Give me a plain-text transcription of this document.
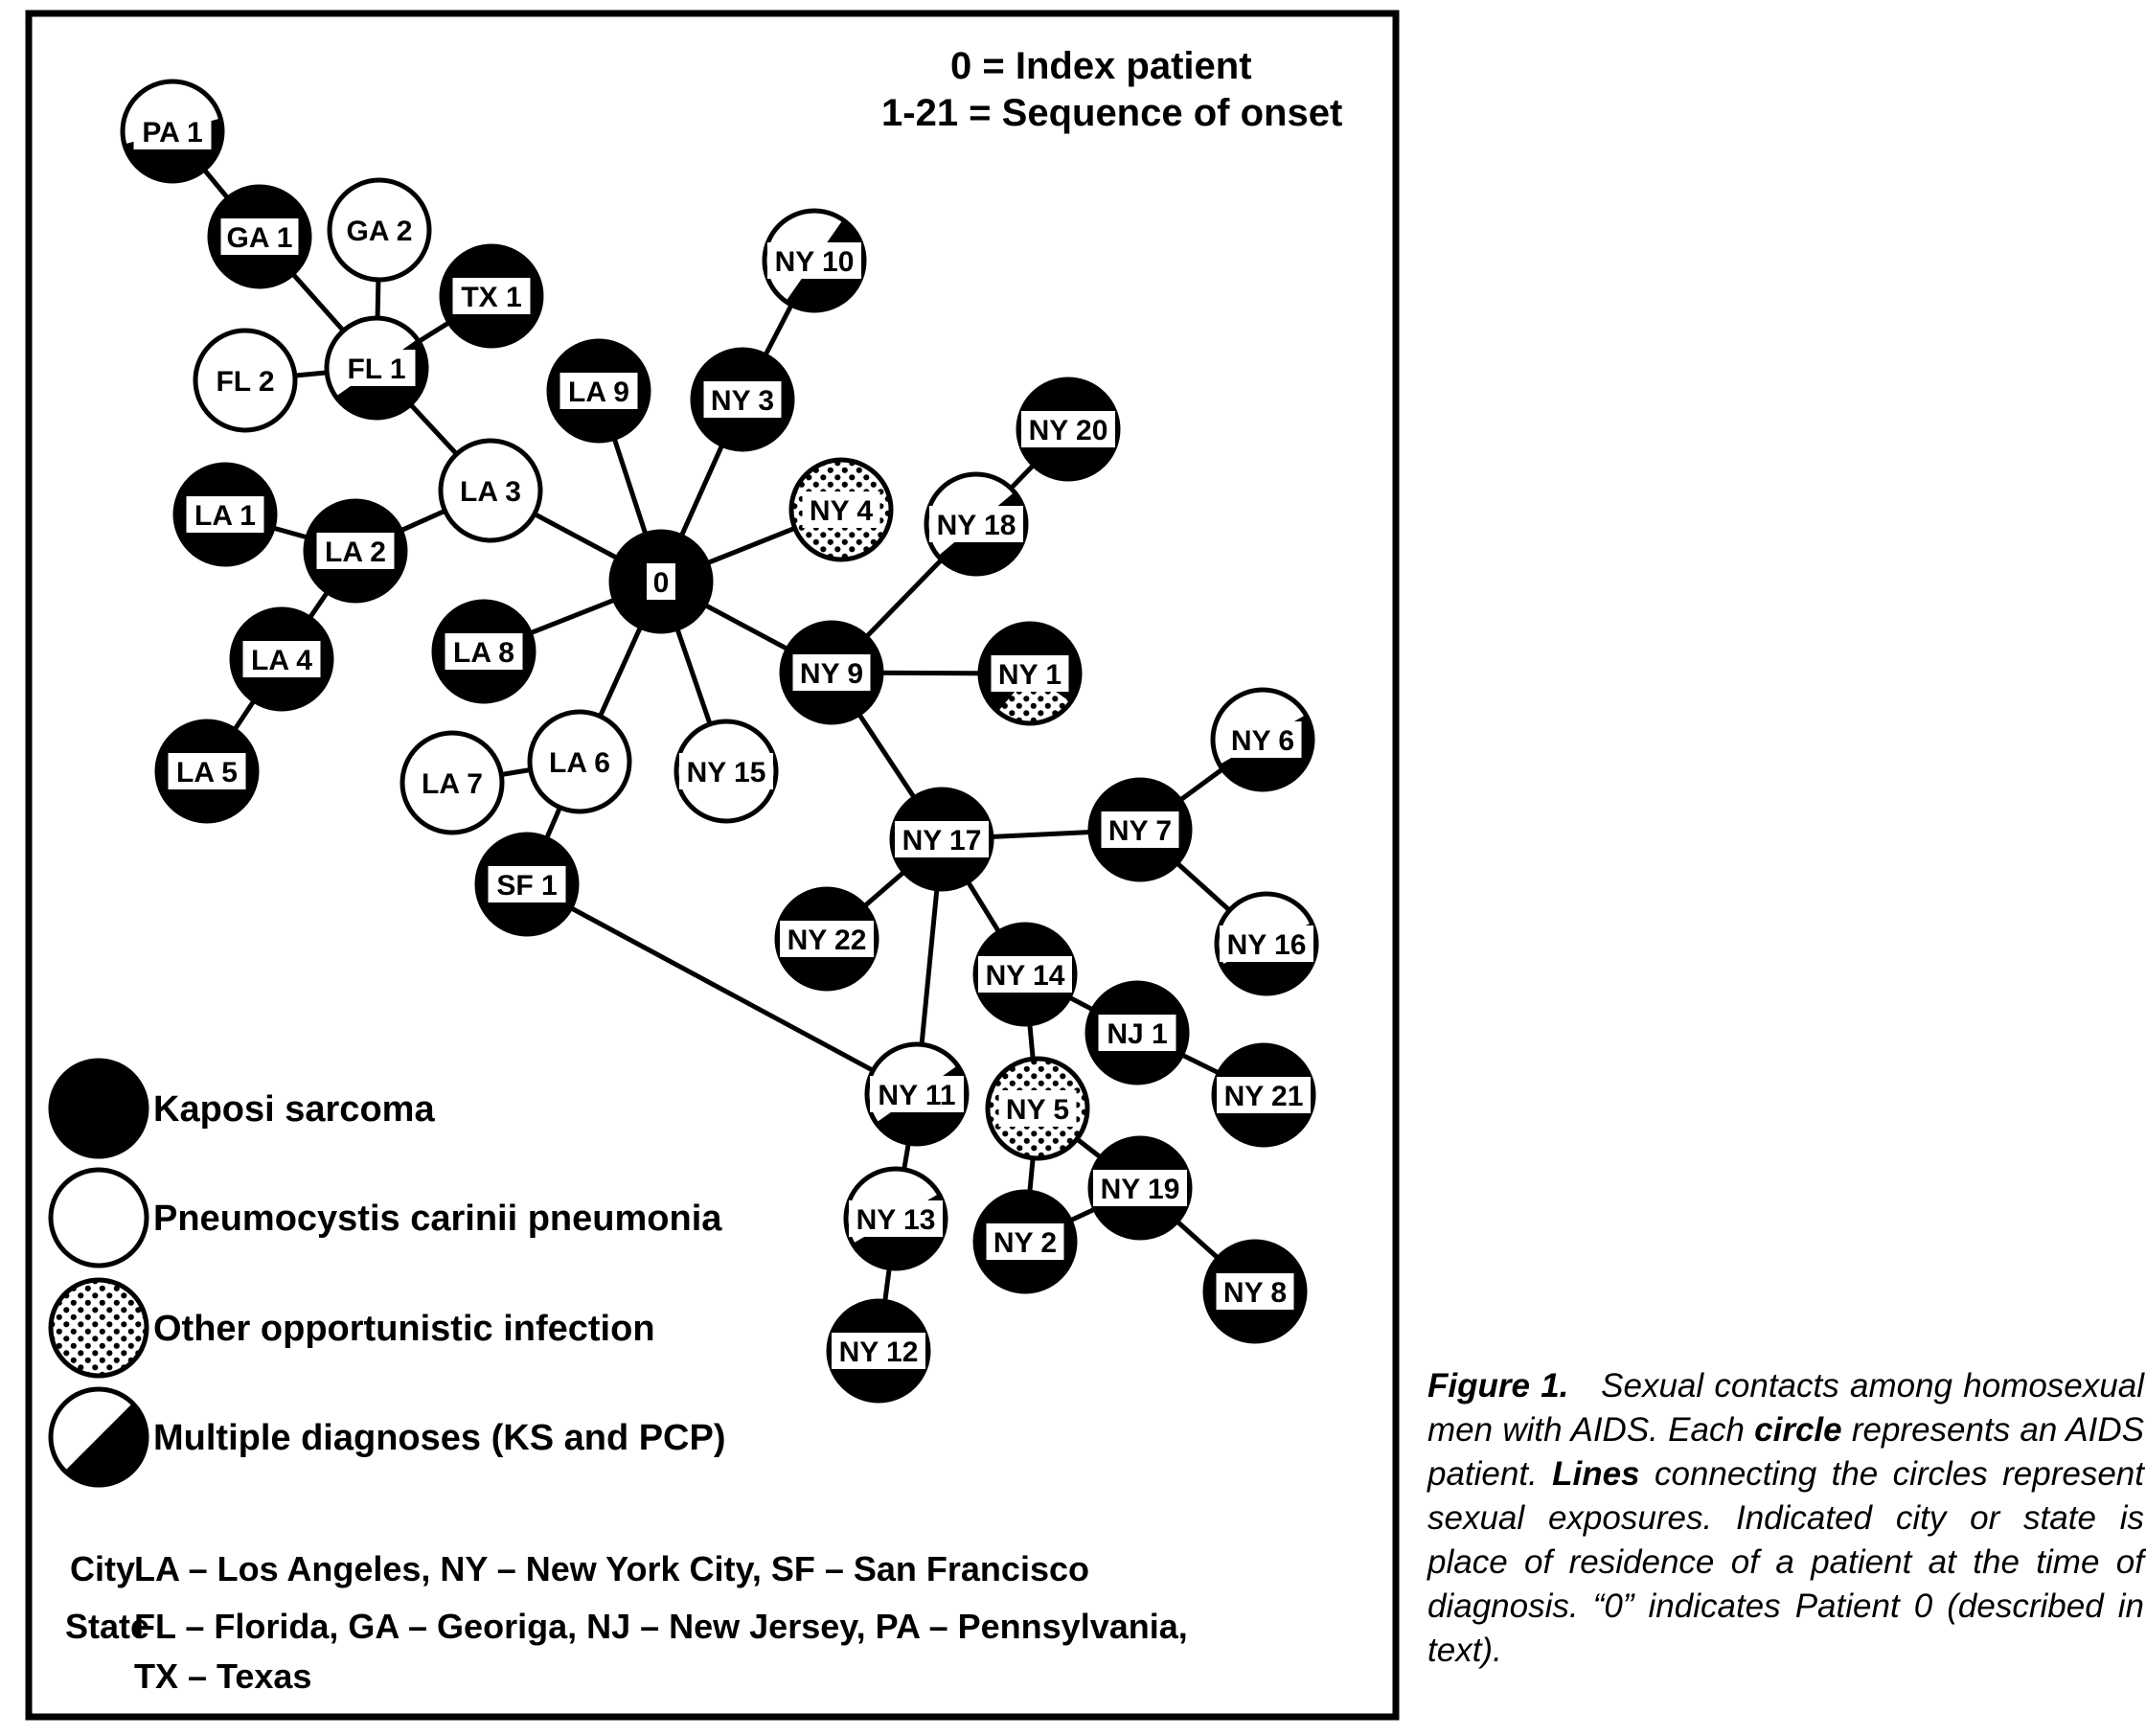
0 = Index patient
1-21 = Sequence of onset
PA 1
GA 1 GA 2
TX 1
FL 1
FL 2
LA 3
LA 9	NY 3
NY 10
0
NY 4 NY 18
NY 20
LA 1
LA 2
LA 4
LA 5
LA 8
LA 7
LA 6	NY 15
SF 1
NY 9	NY 1
NY 17	NY 7
NY 6
NY 16
NY 22
NY 14
NJ 1
NY 21
NY 11 NY 5
NY 13
NY 2
NY 19
NY 12
NY 8
Kaposi sarcoma
Pneumocystis carinii pneumonia
Other opportunistic infection
Multiple diagnoses (KS and PCP)
City
LA – Los Angeles, NY – New York City, SF – San Francisco
State
FL – Florida, GA – Georiga, NJ – New Jersey, PA – Pennsylvania,
TX – Texas
Figure 1.   Sexual contacts among homosexual men with AIDS. Each circle represents an AIDS patient. Lines connecting the circles represent sexual exposures. Indicated city or state is place of residence of a patient at the time of diagnosis. “0” indicates Patient 0 (described in text).
